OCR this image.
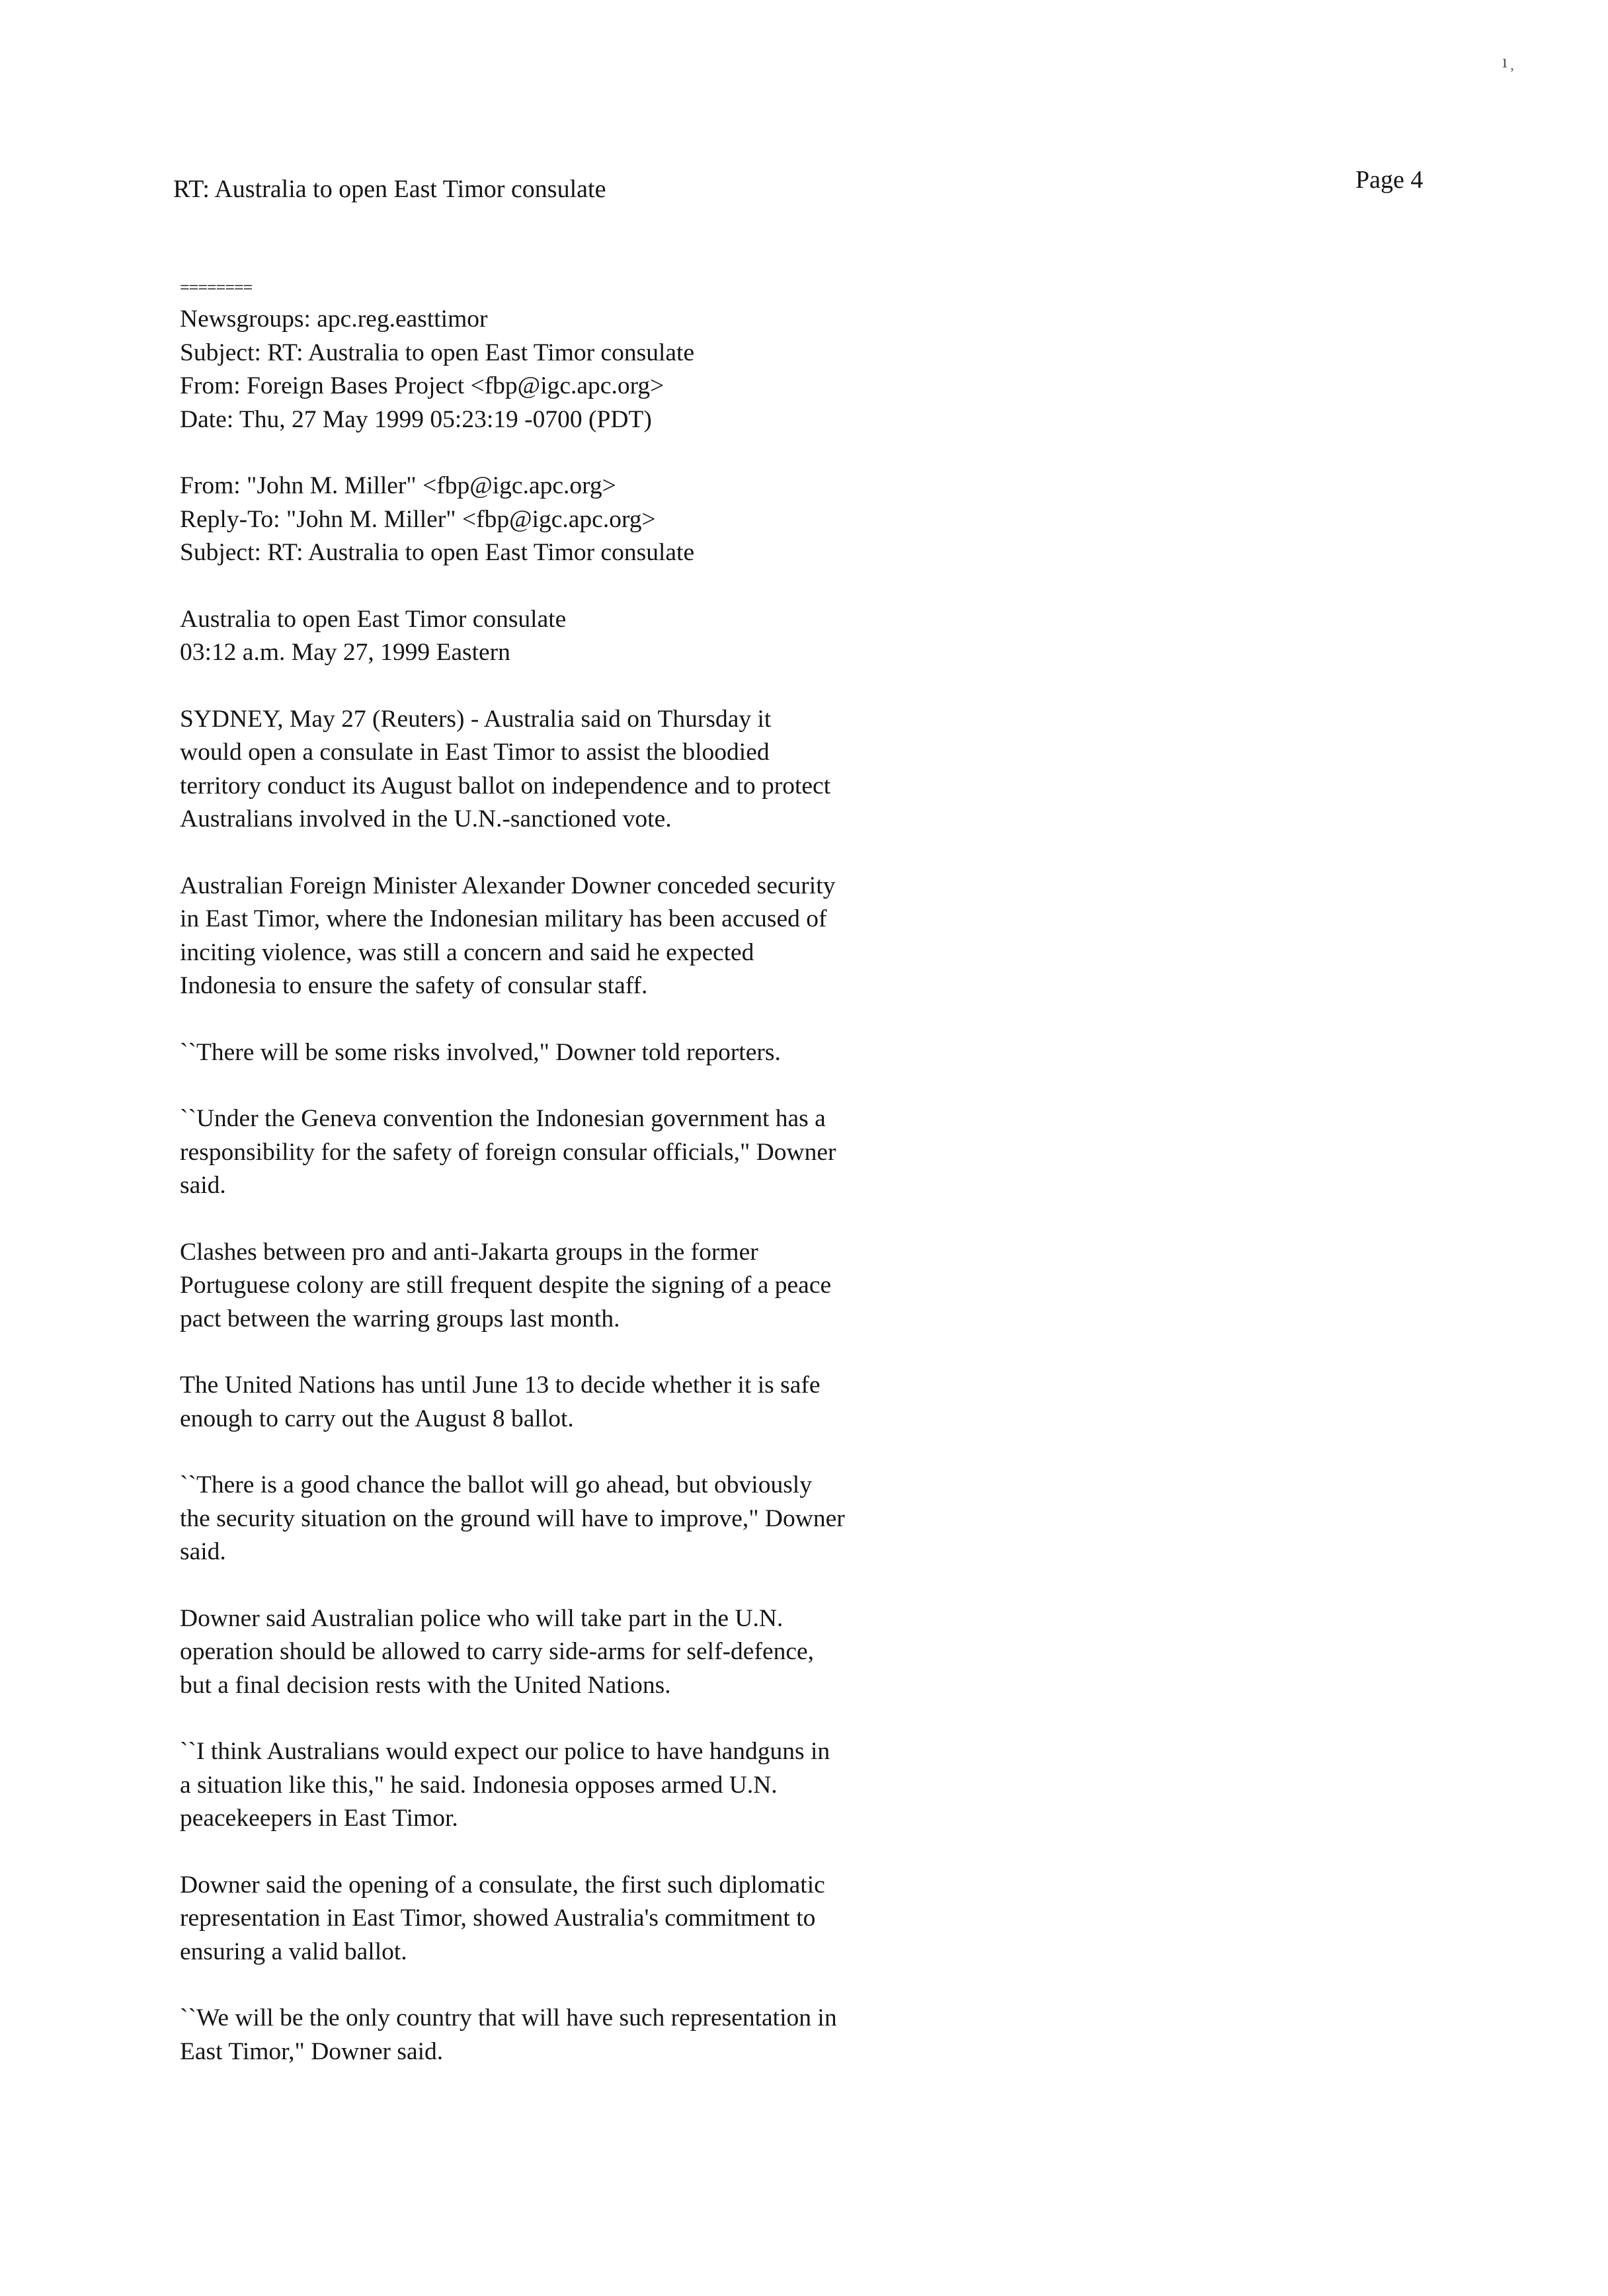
RT: Australia to open East Timor consulate	Page 4
ı ̦
========
Newsgroups: apc.reg.easttimor
Subject: RT: Australia to open East Timor consulate
From: Foreign Bases Project <fbp@igc.apc.org>
Date: Thu, 27 May 1999 05:23:19 -0700 (PDT)
From: "John M. Miller" <fbp@igc.apc.org>
Reply-To: "John M. Miller" <fbp@igc.apc.org>
Subject: RT: Australia to open East Timor consulate
Australia to open East Timor consulate
03:12 a.m. May 27, 1999 Eastern
SYDNEY, May 27 (Reuters) - Australia said on Thursday it
would open a consulate in East Timor to assist the bloodied
territory conduct its August ballot on independence and to protect
Australians involved in the U.N.-sanctioned vote.
Australian Foreign Minister Alexander Downer conceded security
in East Timor, where the Indonesian military has been accused of
inciting violence, was still a concern and said he expected
Indonesia to ensure the safety of consular staff.
``There will be some risks involved," Downer told reporters.
``Under the Geneva convention the Indonesian government has a
responsibility for the safety of foreign consular officials," Downer
said.
Clashes between pro and anti-Jakarta groups in the former
Portuguese colony are still frequent despite the signing of a peace
pact between the warring groups last month.
The United Nations has until June 13 to decide whether it is safe
enough to carry out the August 8 ballot.
``There is a good chance the ballot will go ahead, but obviously
the security situation on the ground will have to improve," Downer
said.
Downer said Australian police who will take part in the U.N.
operation should be allowed to carry side-arms for self-defence,
but a final decision rests with the United Nations.
``I think Australians would expect our police to have handguns in
a situation like this," he said. Indonesia opposes armed U.N.
peacekeepers in East Timor.
Downer said the opening of a consulate, the first such diplomatic
representation in East Timor, showed Australia's commitment to
ensuring a valid ballot.
``We will be the only country that will have such representation in
East Timor," Downer said.
